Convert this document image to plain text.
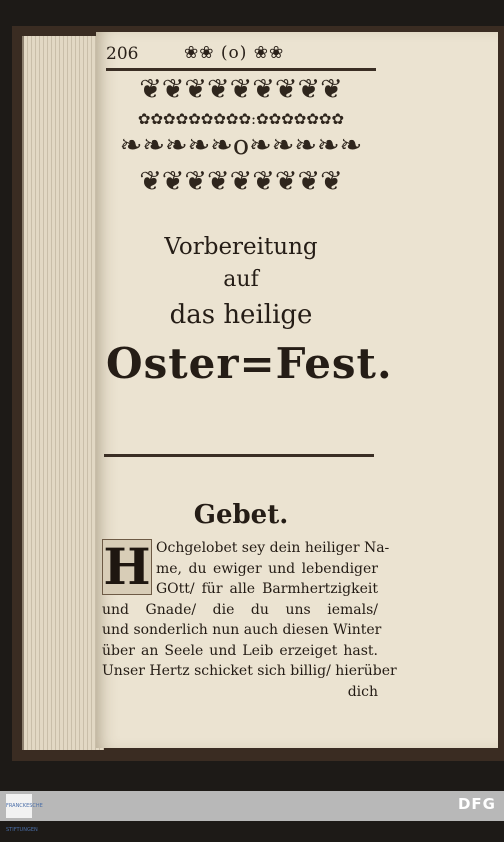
206	❀❀ (o) ❀❀
❦❦❦❦❦❦❦❦❦
✿✿✿✿✿✿✿✿✿:✿✿✿✿✿✿✿
❧❧❧❧❧o❧❧❧❧❧
❦❦❦❦❦❦❦❦❦
Vorbereitung
auf
das heilige
Oster=Fest.
Gebet.
H Ochgelobet sey dein heiliger Na-
me, du ewiger und lebendiger
GOtt/ für alle Barmhertzigkeit
und Gnade/ die du uns iemals/
und sonderlich nun auch diesen Winter
über an Seele und Leib erzeiget hast.
Unser Hertz schicket sich billig/ hierüber
dich
FRANCKESCHE STIFTUNGEN
DFG
